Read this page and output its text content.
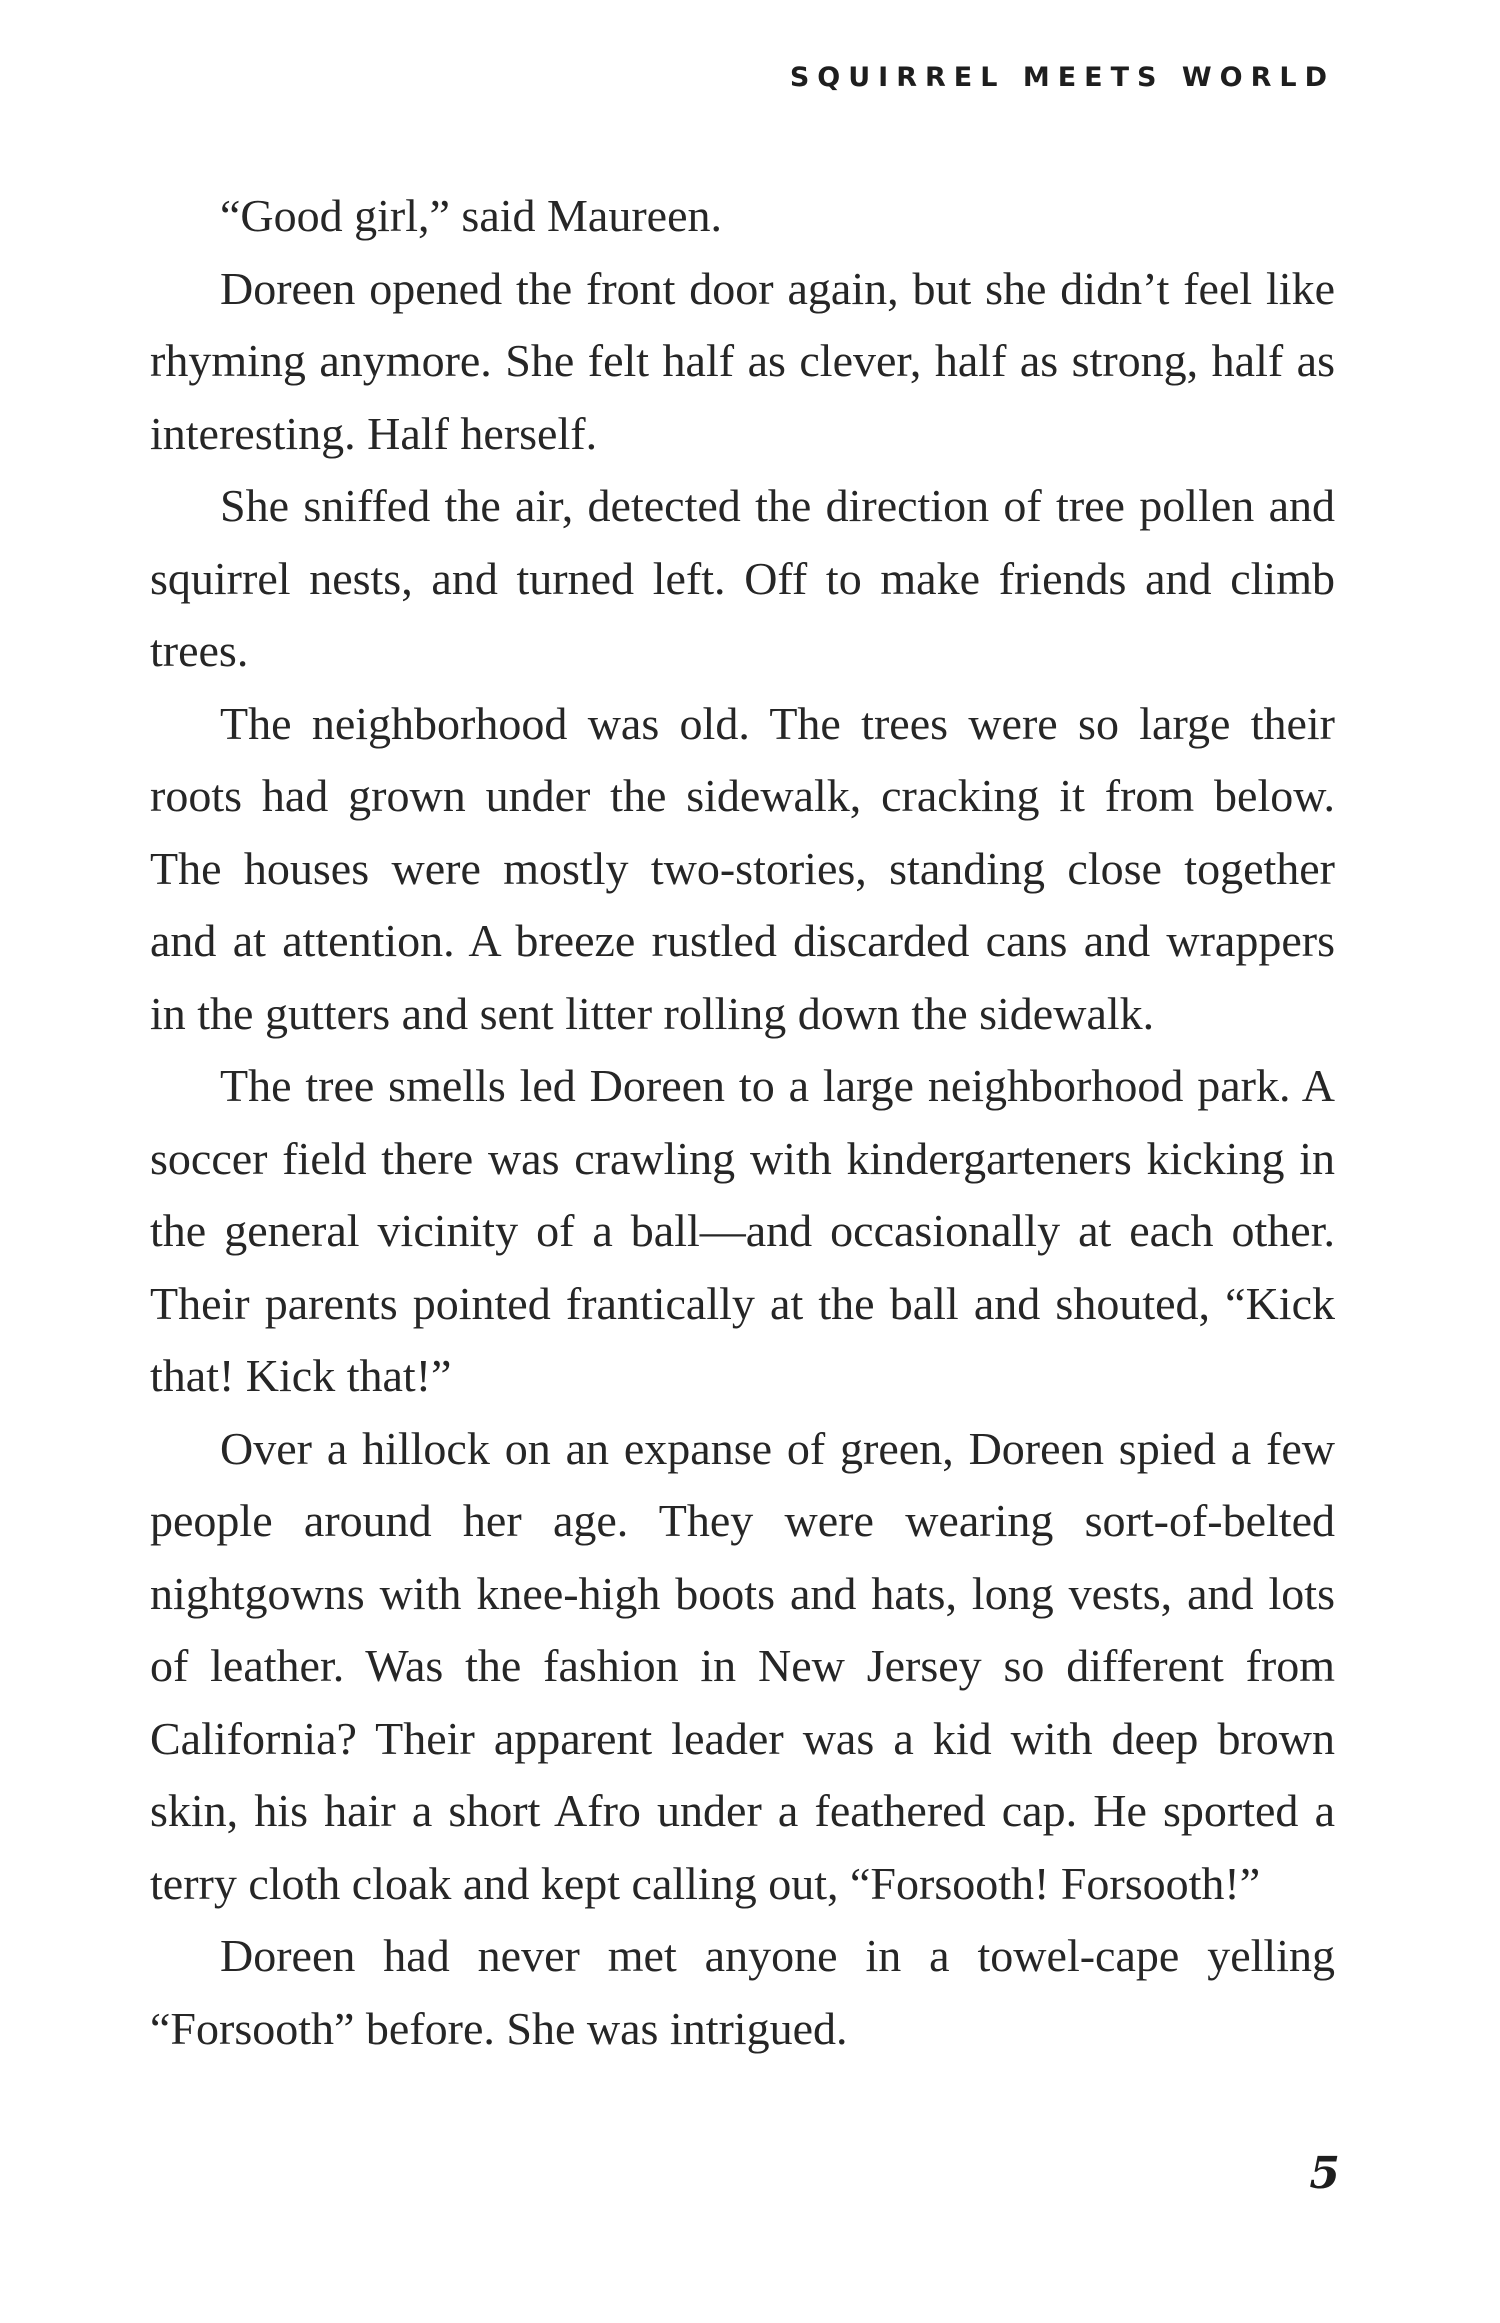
SQUIRREL MEETS WORLD

“Good girl,” said Maureen.

Doreen opened the front door again, but she didn’t feel like rhyming anymore. She felt half as clever, half as strong, half as interesting. Half herself.

She sniffed the air, detected the direction of tree pollen and squirrel nests, and turned left. Off to make friends and climb trees.

The neighborhood was old. The trees were so large their roots had grown under the sidewalk, cracking it from below. The houses were mostly two-stories, standing close together and at attention. A breeze rustled discarded cans and wrappers in the gutters and sent litter rolling down the sidewalk.

The tree smells led Doreen to a large neighborhood park. A soccer field there was crawling with kindergarteners kicking in the general vicinity of a ball—and occasionally at each other. Their parents pointed frantically at the ball and shouted, “Kick that! Kick that!”

Over a hillock on an expanse of green, Doreen spied a few people around her age. They were wearing sort-of-belted nightgowns with knee-high boots and hats, long vests, and lots of leather. Was the fashion in New Jersey so different from California? Their apparent leader was a kid with deep brown skin, his hair a short Afro under a feathered cap. He sported a terry cloth cloak and kept calling out, “Forsooth! Forsooth!”

Doreen had never met anyone in a towel-cape yelling “Forsooth” before. She was intrigued.

5
